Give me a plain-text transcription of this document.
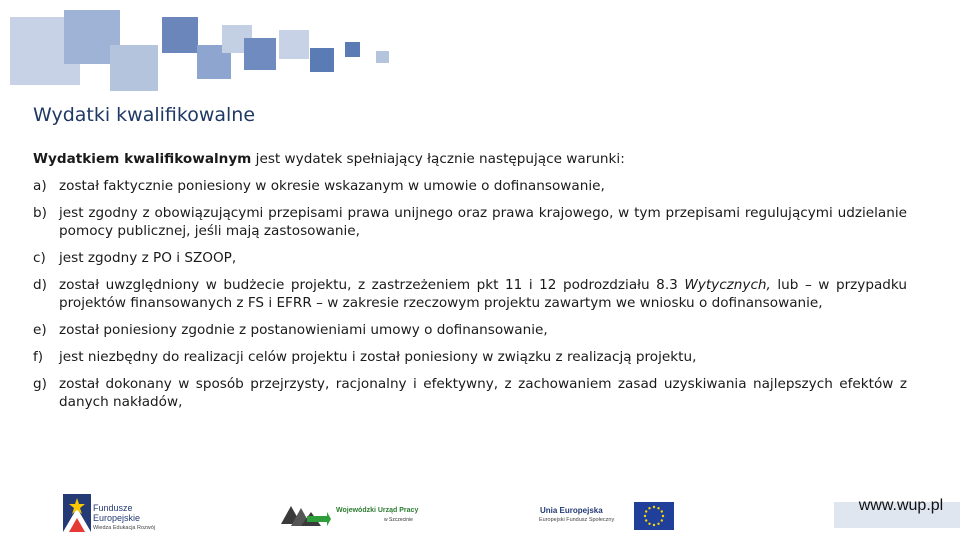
Wydatki kwalifikowalne

Wydatkiem kwalifikowalnym jest wydatek spełniający łącznie następujące warunki:

a) został faktycznie poniesiony w okresie wskazanym w umowie o dofinansowanie,
b) jest zgodny z obowiązującymi przepisami prawa unijnego oraz prawa krajowego, w tym przepisami regulującymi udzielanie pomocy publicznej, jeśli mają zastosowanie,
c) jest zgodny z PO i SZOOP,
d) został uwzględniony w budżecie projektu, z zastrzeżeniem pkt 11 i 12 podrozdziału 8.3 Wytycznych, lub – w przypadku projektów finansowanych z FS i EFRR – w zakresie rzeczowym projektu zawartym we wniosku o dofinansowanie,
e) został poniesiony zgodnie z postanowieniami umowy o dofinansowanie,
f)	jest niezbędny do realizacji celów projektu i został poniesiony w związku z realizacją projektu,
g) został dokonany w sposób przejrzysty, racjonalny i efektywny, z zachowaniem zasad uzyskiwania najlepszych efektów z danych nakładów,
Fundusze
Europejskie
Wiedza Edukacja Rozwój
Wojewódzki Urząd Pracy
w Szczecinie
Unia Europejska
Europejski Fundusz Społeczny
www.wup.pl
